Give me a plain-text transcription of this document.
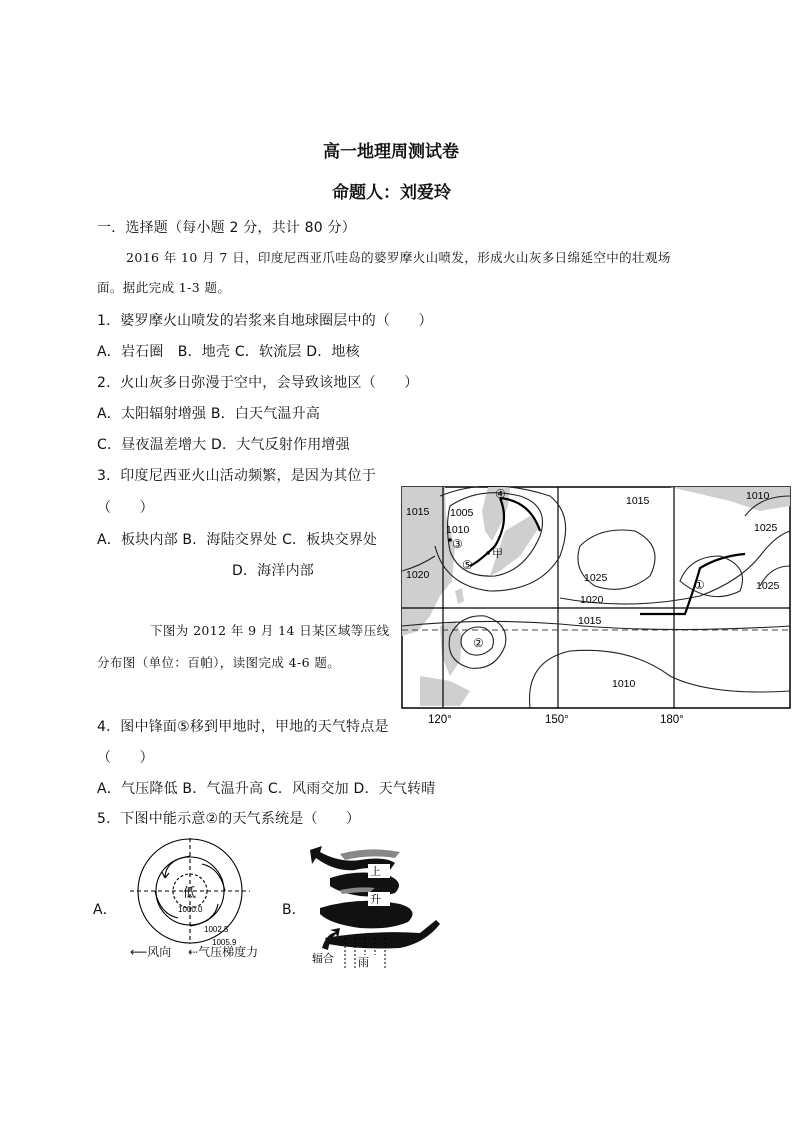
高一地理周测试卷
命题人：刘爱玲
一．选择题（每小题 2 分，共计 80 分）
2016 年 10 月 7 日，印度尼西亚爪哇岛的婆罗摩火山喷发，形成火山灰多日绵延空中的壮观场
面。据此完成 1-3 题。
1．婆罗摩火山喷发的岩浆来自地球圈层中的（　　）
A．岩石圈　B．地壳 C．软流层 D．地核
2．火山灰多日弥漫于空中，会导致该地区（　　）
A．太阳辐射增强 B．白天气温升高
C．昼夜温差增大 D．大气反射作用增强
3．印度尼西亚火山活动频繁，是因为其位于
（　　）
A．板块内部 B．海陆交界处 C．板块交界处
D．海洋内部
下图为 2012 年 9 月 14 日某区域等压线
分布图（单位：百帕），读图完成 4-6 题。
4．图中锋面⑤移到甲地时，甲地的天气特点是
（　　）
A．气压降低 B．气温升高 C．风雨交加 D．天气转晴
5．下图中能示意②的天气系统是（　　）
1015 1005
1010
1020
1015	1010
1025
1020
1025
1015
1010
1025
④
③
⑤
①
②
甲
120°	150°	180°
A．
低
1000.0
1002.5
1005.9
⟵风向 ⇠气压梯度力
B．
上
升
辐合 雨
